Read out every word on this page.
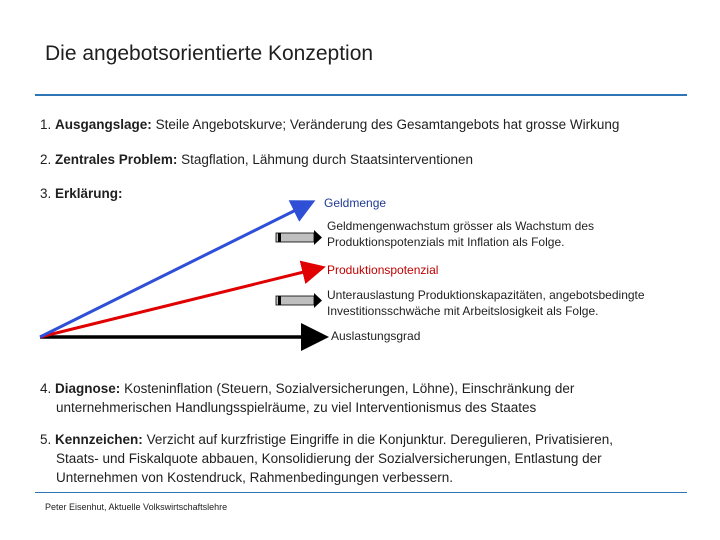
Die angebotsorientierte Konzeption
1. Ausgangslage: Steile Angebotskurve; Veränderung des Gesamtangebots hat grosse Wirkung
2. Zentrales Problem: Stagflation, Lähmung durch Staatsinterventionen
3. Erklärung:
Geldmenge
Geldmengenwachstum grösser als Wachstum des
Produktionspotenzials mit Inflation als Folge.
Produktionspotenzial
Unterauslastung Produktionskapazitäten, angebotsbedingte
Investitionsschwäche mit Arbeitslosigkeit als Folge.
Auslastungsgrad
4. Diagnose: Kosteninflation (Steuern, Sozialversicherungen, Löhne), Einschränkung der
unternehmerischen Handlungsspielräume, zu viel Interventionismus des Staates
5. Kennzeichen: Verzicht auf kurzfristige Eingriffe in die Konjunktur. Deregulieren, Privatisieren,
Staats- und Fiskalquote abbauen, Konsolidierung der Sozialversicherungen, Entlastung der
Unternehmen von Kostendruck, Rahmenbedingungen verbessern.
Peter Eisenhut, Aktuelle Volkswirtschaftslehre
